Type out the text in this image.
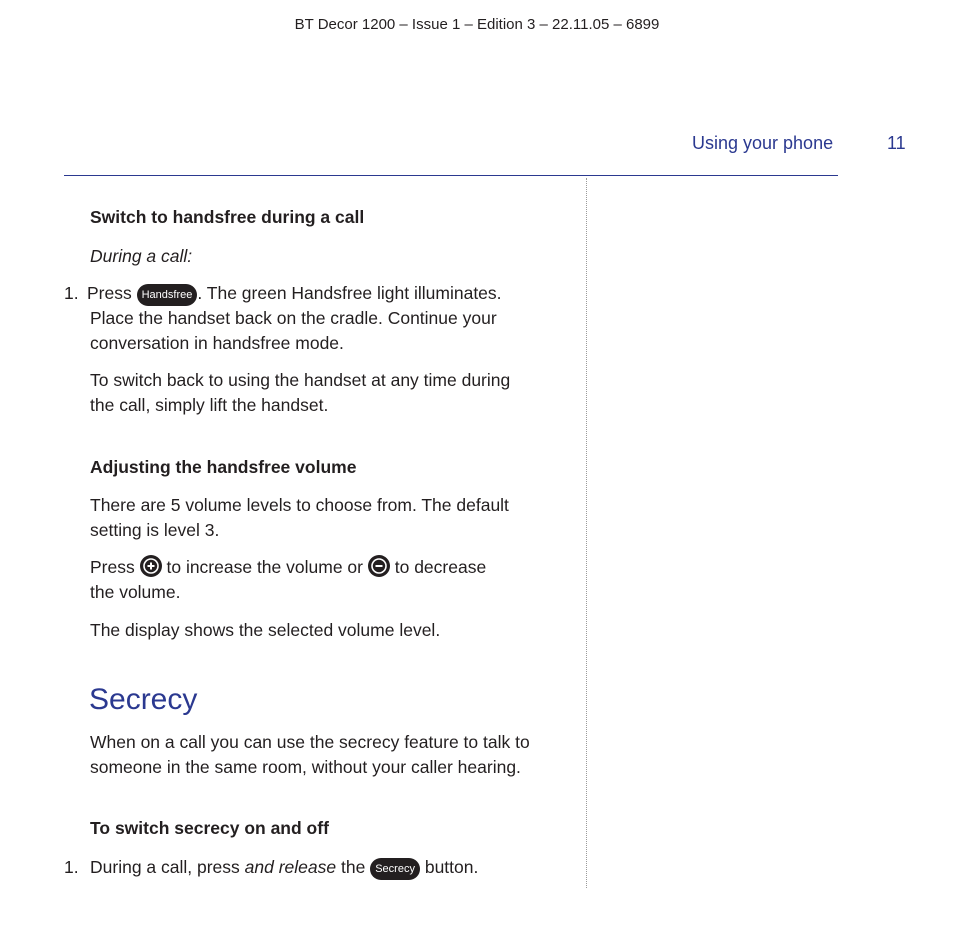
BT Decor 1200 – Issue 1 – Edition 3 – 22.11.05 – 6899
Using your phone	11
Switch to handsfree during a call
During a call:
1. Press Handsfree . The green Handsfree light illuminates.
Place the handset back on the cradle. Continue your
conversation in handsfree mode.
To switch back to using the handset at any time during
the call, simply lift the handset.
Adjusting the handsfree volume
There are 5 volume levels to choose from. The default
setting is level 3.
Press to increase the volume or to decrease
the volume.
The display shows the selected volume level.
Secrecy
When on a call you can use the secrecy feature to talk to
someone in the same room, without your caller hearing.
To switch secrecy on and off
1. During a call, press and release the Secrecy button.
